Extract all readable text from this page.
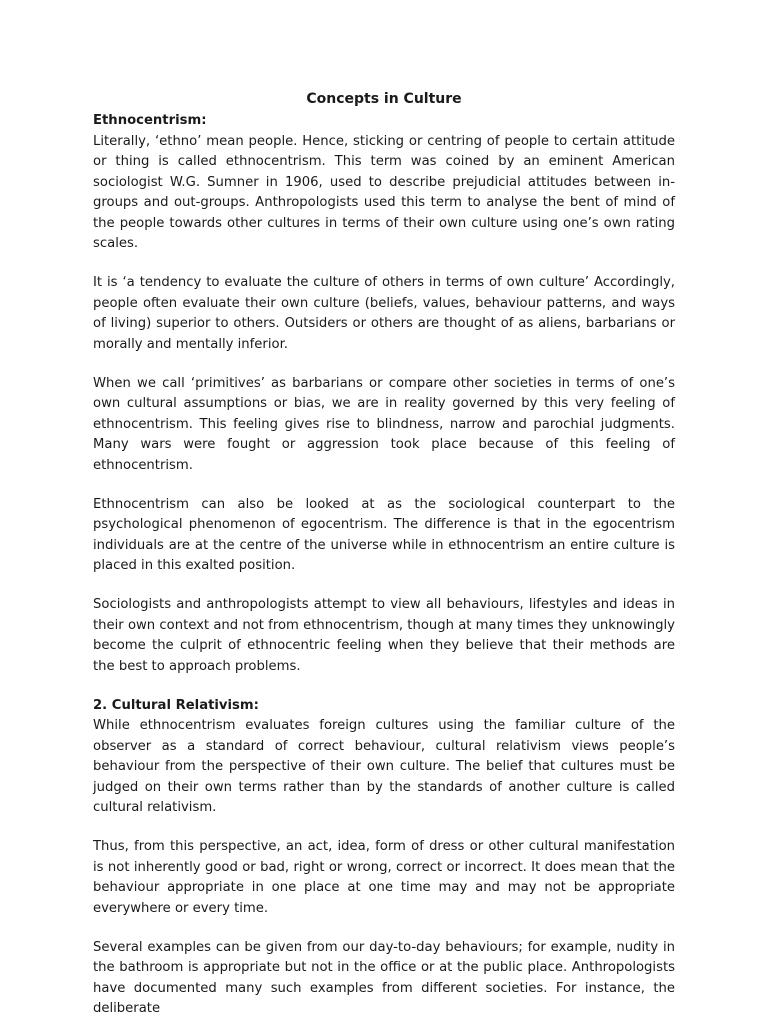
Concepts in Culture

Ethnocentrism:

Literally, ‘ethno’ mean people. Hence, sticking or centring of people to certain attitude or thing is called ethnocentrism. This term was coined by an eminent American sociologist W.G. Sumner in 1906, used to describe prejudicial attitudes between in-groups and out-groups. Anthropologists used this term to analyse the bent of mind of the people towards other cultures in terms of their own culture using one’s own rating scales.

It is ‘a tendency to evaluate the culture of others in terms of own culture’ Accordingly, people often evaluate their own culture (beliefs, values, behaviour patterns, and ways of living) superior to others. Outsiders or others are thought of as aliens, barbarians or morally and mentally inferior.

When we call ‘primitives’ as barbarians or compare other societies in terms of one’s own cultural assumptions or bias, we are in reality governed by this very feeling of ethnocentrism. This feeling gives rise to blindness, narrow and parochial judgments. Many wars were fought or aggression took place because of this feeling of ethnocentrism.

Ethnocentrism can also be looked at as the sociological counterpart to the psychological phenomenon of egocentrism. The difference is that in the egocentrism individuals are at the centre of the universe while in ethnocentrism an entire culture is placed in this exalted position.

Sociologists and anthropologists attempt to view all behaviours, lifestyles and ideas in their own context and not from ethnocentrism, though at many times they unknowingly become the culprit of ethnocentric feeling when they believe that their methods are the best to approach problems.

2. Cultural Relativism:

While ethnocentrism evaluates foreign cultures using the familiar culture of the observer as a standard of correct behaviour, cultural relativism views people’s behaviour from the perspective of their own culture. The belief that cultures must be judged on their own terms rather than by the standards of another culture is called cultural relativism.

Thus, from this perspective, an act, idea, form of dress or other cultural manifestation is not inherently good or bad, right or wrong, correct or incorrect. It does mean that the behaviour appropriate in one place at one time may and may not be appropriate everywhere or every time.

Several examples can be given from our day-to-day behaviours; for example, nudity in the bathroom is appropriate but not in the office or at the public place. Anthropologists have documented many such examples from different societies. For instance, the deliberate
